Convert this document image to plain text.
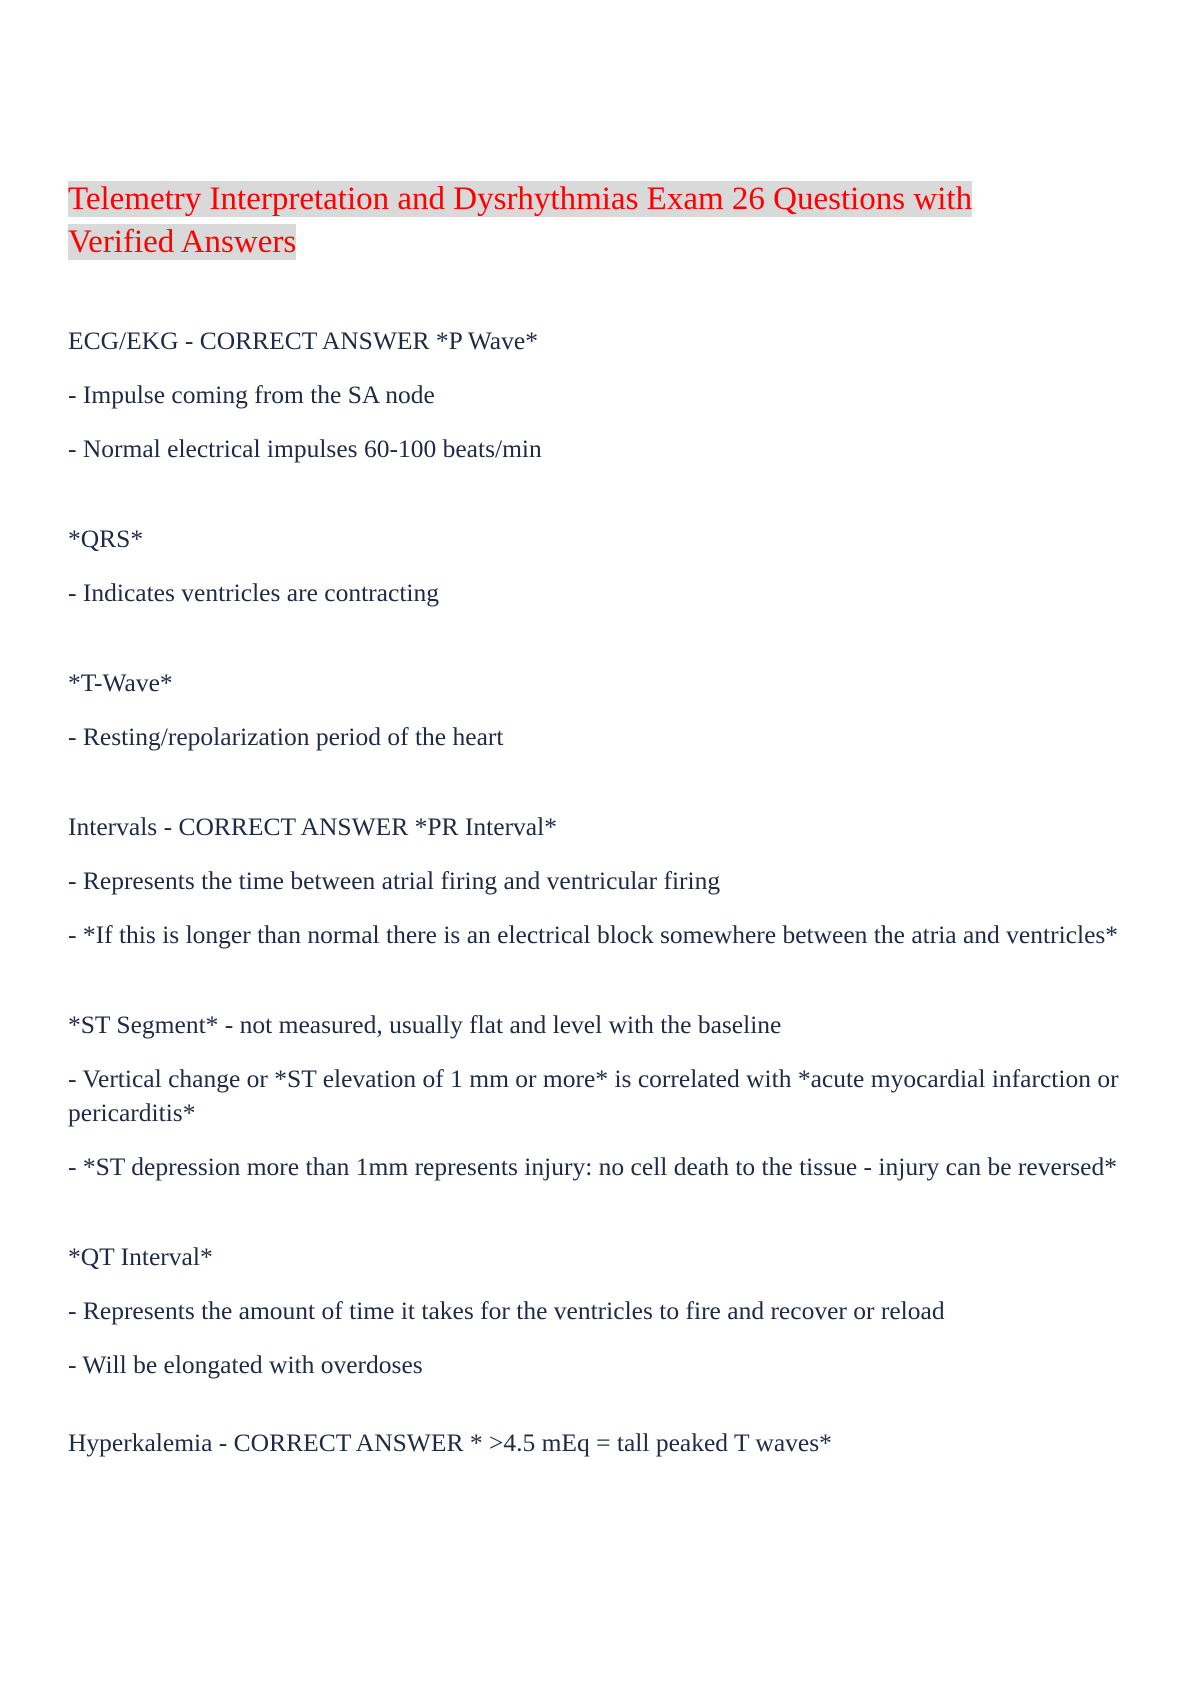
Telemetry Interpretation and Dysrhythmias Exam 26 Questions with
Verified Answers

ECG/EKG - CORRECT ANSWER *P Wave*

- Impulse coming from the SA node

- Normal electrical impulses 60-100 beats/min

*QRS*

- Indicates ventricles are contracting

*T-Wave*

- Resting/repolarization period of the heart

Intervals - CORRECT ANSWER *PR Interval*

- Represents the time between atrial firing and ventricular firing

- *If this is longer than normal there is an electrical block somewhere between the atria and ventricles*

*ST Segment* - not measured, usually flat and level with the baseline

- Vertical change or *ST elevation of 1 mm or more* is correlated with *acute myocardial infarction or pericarditis*

- *ST depression more than 1mm represents injury: no cell death to the tissue - injury can be reversed*

*QT Interval*

- Represents the amount of time it takes for the ventricles to fire and recover or reload

- Will be elongated with overdoses

Hyperkalemia - CORRECT ANSWER * >4.5 mEq = tall peaked T waves*
